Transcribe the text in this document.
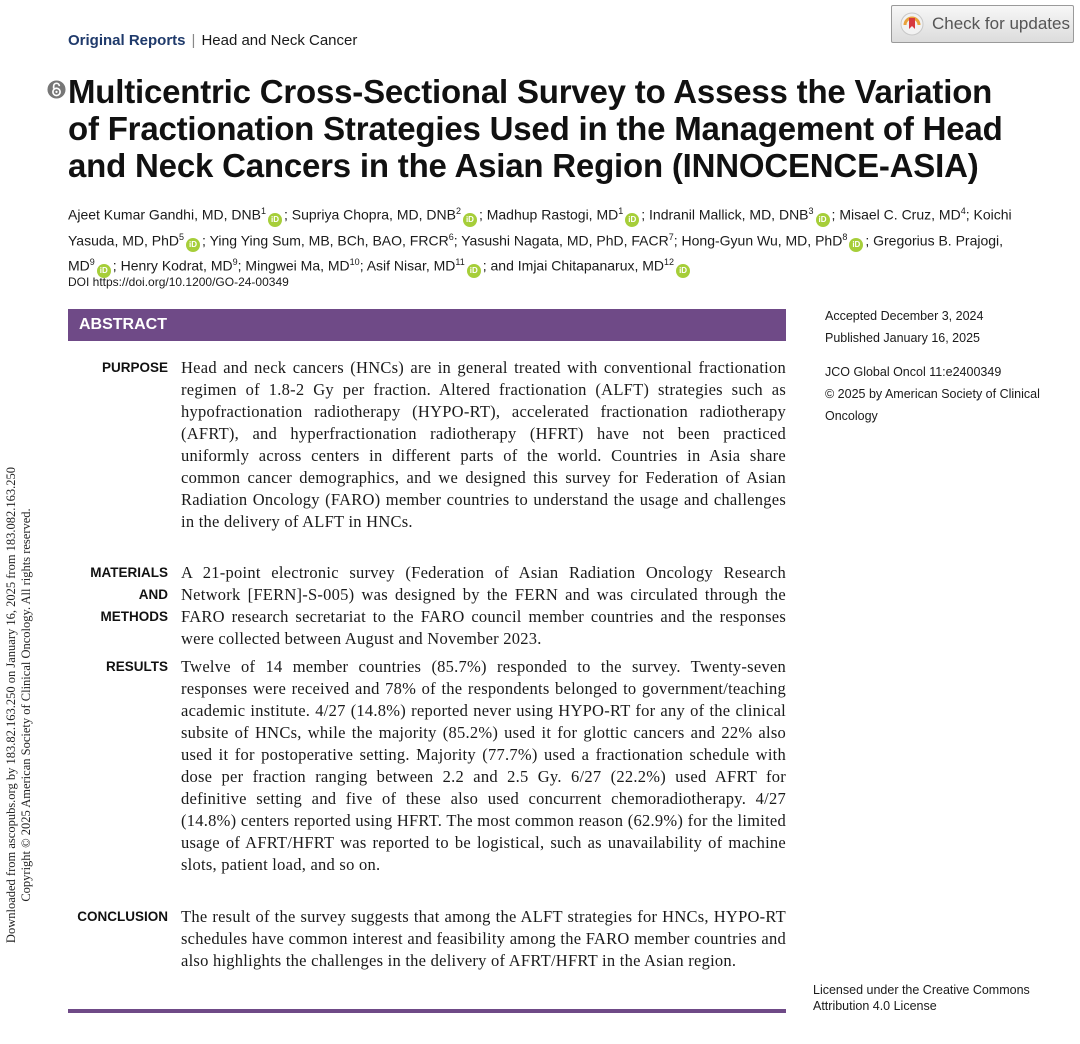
Downloaded from ascopubs.org by 183.82.163.250 on January 16, 2025 from 183.082.163.250 Copyright © 2025 American Society of Clinical Oncology. All rights reserved.
Original Reports | Head and Neck Cancer
Check for updates
Multicentric Cross-Sectional Survey to Assess the Variation of Fractionation Strategies Used in the Management of Head and Neck Cancers in the Asian Region (INNOCENCE-ASIA)
Ajeet Kumar Gandhi, MD, DNB$^1$iD ; Supriya Chopra, MD, DNB$^2$iD ; Madhup Rastogi, $MD^1iD$ ; Indranil Mallick, MD, DNB$^3$iD ; Misael C. Cruz, $MD^4$; Koichi Yasuda, MD, PhD$^5$iD ; Ying Ying Sum, MB, BCh, BAO, FRCR$^6$; Yasushi Nagata, MD, PhD, FACR$^7$; Hong-Gyun Wu, MD, PhD$^8$iD ; Gregorius B. Prajogi, $MD^9iD$ ; Henry Kodrat, $MD^9$; Mingwei Ma, MD$^{10}$; Asif Nisar, MD$^{11}$iD ; and Imjai Chitapanarux, MD$^{12}$iD
DOI https://doi.org/10.1200/GO-24-00349
ABSTRACT	Accepted December 3, 2024
Published January 16, 2025
JCO Global Oncol 11:e2400349
© 2025 by American Society of Clinical Oncology
PURPOSE Head and neck cancers (HNCs) are in general treated with conventional fractionation regimen of 1.8-2 Gy per fraction. Altered fractionation (ALFT) strategies such as hypofractionation radiotherapy (HYPO-RT), accelerated fractionation radiotherapy (AFRT), and hyperfractionation radiotherapy (HFRT) have not been practiced uniformly across centers in different parts of the world. Countries in Asia share common cancer demographics, and we designed this survey for Federation of Asian Radiation Oncology (FARO) member countries to understand the usage and challenges in the delivery of ALFT in HNCs.

MATERIALS AND METHODS

A 21-point electronic survey (Federation of Asian Radiation Oncology Research Network [FERN]-S-005) was designed by the FERN and was circulated through the FARO research secretariat to the FARO council member countries and the responses were collected between August and November 2023.

RESULTS Twelve of 14 member countries (85.7%) responded to the survey. Twenty-seven responses were received and 78% of the respondents belonged to government/teaching academic institute. 4/27 (14.8%) reported never using HYPO-RT for any of the clinical subsite of HNCs, while the majority (85.2%) used it for glottic cancers and 22% also used it for postoperative setting. Majority (77.7%) used a fractionation schedule with dose per fraction ranging between 2.2 and 2.5 Gy. 6/27 (22.2%) used AFRT for definitive setting and five of these also used concurrent chemoradiotherapy. 4/27 (14.8%) centers reported using HFRT. The most common reason (62.9%) for the limited usage of AFRT/HFRT was reported to be logistical, such as unavailability of machine slots, patient load, and so on.

CONCLUSION The result of the survey suggests that among the ALFT strategies for HNCs, HYPO-RT schedules have common interest and feasibility among the FARO member countries and also highlights the challenges in the delivery of AFRT/HFRT in the Asian region.

Licensed under the Creative Commons Attribution 4.0 License
